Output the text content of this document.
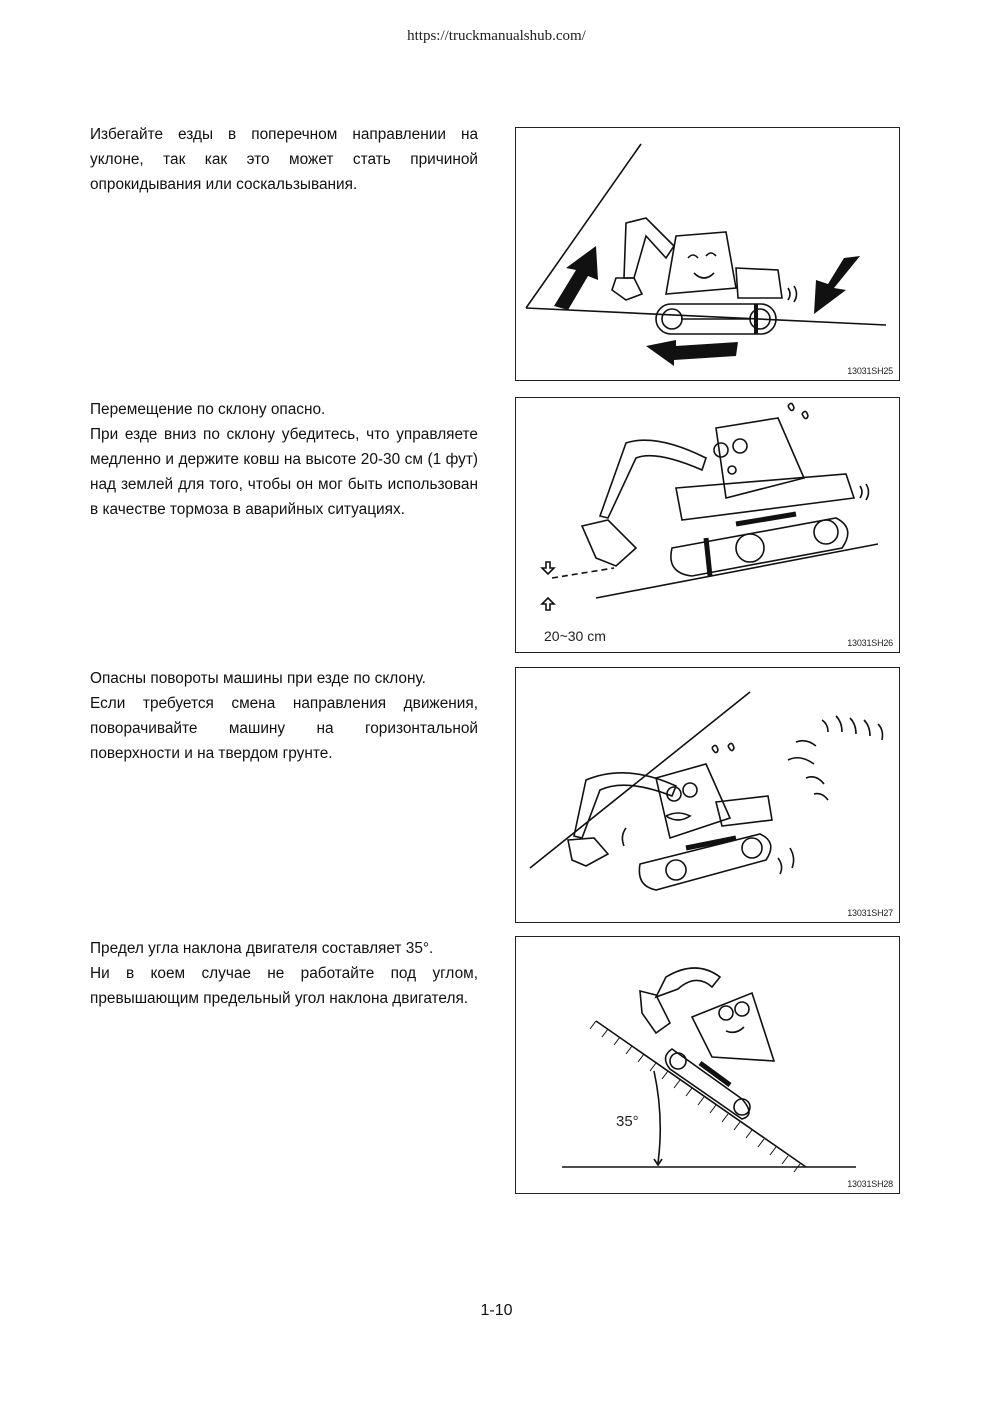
https://truckmanualshub.com/

Избегайте езды в поперечном направлении на уклоне, так как это может стать причиной опрокидывания или соскальзывания.

13031SH25

Перемещение по склону опасно.

При езде вниз по склону убедитесь, что управляете медленно и держите ковш на высоте 20-30 см (1 фут) над землей для того, чтобы он мог быть использован в качестве тормоза в аварийных ситуациях.

20~30 cm	13031SH26

Опасны повороты машины при езде по склону.

Если требуется смена направления движения, поворачивайте машину на горизонтальной поверхности и на твердом грунте.

13031SH27

Предел угла наклона двигателя составляет 35°.

Ни в коем случае не работайте под углом, превышающим предельный угол наклона двигателя.

35°
13031SH28
1-10
